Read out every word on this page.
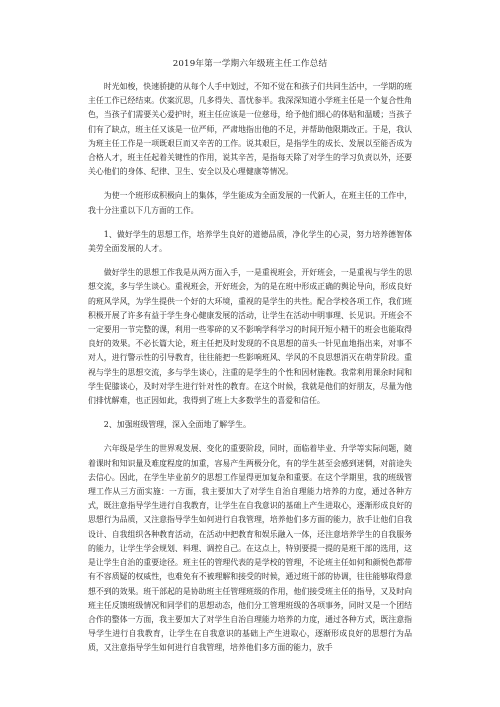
2019年第一学期六年级班主任工作总结

时光如梭，快速骄捷的从每个人手中划过，不知不觉在和孩子们共同生活中，一学期的班主任工作已经结束。伏案沉思，几多得失、喜忧参半。我深深知道小学班主任是一个复合性角色，当孩子们需要关心爱护时，班主任应该是一位慈母，给予他们细心的体贴和温暖；当孩子们有了缺点，班主任又该是一位严师，严肃地指出他的不足，并帮助他限期改正。于是，我认为班主任工作是一项既艰巨而又辛苦的工作。说其艰巨，是指学生的成长、发展以至能否成为合格人才，班主任起着关键性的作用，说其辛苦，是指每天除了对学生的学习负责以外，还要关心他们的身体、纪律、卫生、安全以及心理健康等情况。

为使一个班形成积极向上的集体，学生能成为全面发展的一代新人，在班主任的工作中，我十分注重以下几方面的工作。

1、做好学生的思想工作，培养学生良好的道德品质，净化学生的心灵，努力培养德智体美劳全面发展的人才。

做好学生的思想工作我是从两方面入手，一是重视班会，开好班会，一是重视与学生的思想交流，多与学生谈心。重视班会，开好班会，为的是在班中形成正确的舆论导向，形成良好的班风学风，为学生提供一个好的大环境，重视的是学生的共性。配合学校各项工作，我们班积极开展了许多有益于学生身心健康发展的活动，让学生在活动中明事理、长见识。开班会不一定要用一节完整的课，利用一些零碎的又不影响学科学习的时间开短小精干的班会也能取得良好的效果。不必长篇大论，班主任把及时发现的不良思想的苗头一针见血地指出来，对事不对人，进行警示性的引导教育，往往能把一些影响班风、学风的不良思想消灭在萌芽阶段。重视与学生的思想交流，多与学生谈心，注重的是学生的个性和因材施教。我常利用课余时间和学生促膝谈心，及时对学生进行针对性的教育。在这个时候，我就是他们的好朋友，尽量为他们排忧解难，也正因如此，我得到了班上大多数学生的喜爱和信任。

2、加强班级管理，深入全面地了解学生。

六年级是学生的世界观发展、变化的重要阶段，同时，面临着毕业、升学等实际问题，随着课时和知识量及难度程度的加重，容易产生两极分化，有的学生甚至会感到迷惘，对前途失去信心。因此，在学生毕业前夕的思想工作显得更加复杂和重要。在这个学期里，我的班级管理工作从三方面实施：一方面，我主要加大了对学生自治自理能力培养的力度，通过各种方式，既注意指导学生进行自我教育，让学生在自我意识的基础上产生进取心，逐渐形成良好的思想行为品质，又注意指导学生如何进行自我管理，培养他们多方面的能力，放手让他们自我设计、自我组织各种教育活动，在活动中把教育和娱乐融入一体，还注意培养学生的自我服务的能力，让学生学会规划、料理、调控自己。在这点上，特别要提一提的是班干部的选用，这是让学生自治的重要途径。班主任的管理代表的是学校的管理，不论班主任如何和颜悦色都带有不容质疑的权威性，也难免有不被理解和接受的时候，通过班干部的协调，往往能够取得意想不到的效果。班干部起的是协助班主任管理班级的作用，他们接受班主任的指导，又及时向班主任反馈班级情况和同学们的思想动态，他们分工管理班级的各项事务，同时又是一个团结合作的整体一方面，我主要加大了对学生自治自理能力培养的力度，通过各种方式，既注意指导学生进行自我教育，让学生在自我意识的基础上产生进取心，逐渐形成良好的思想行为品质，又注意指导学生如何进行自我管理，培养他们多方面的能力，放手
